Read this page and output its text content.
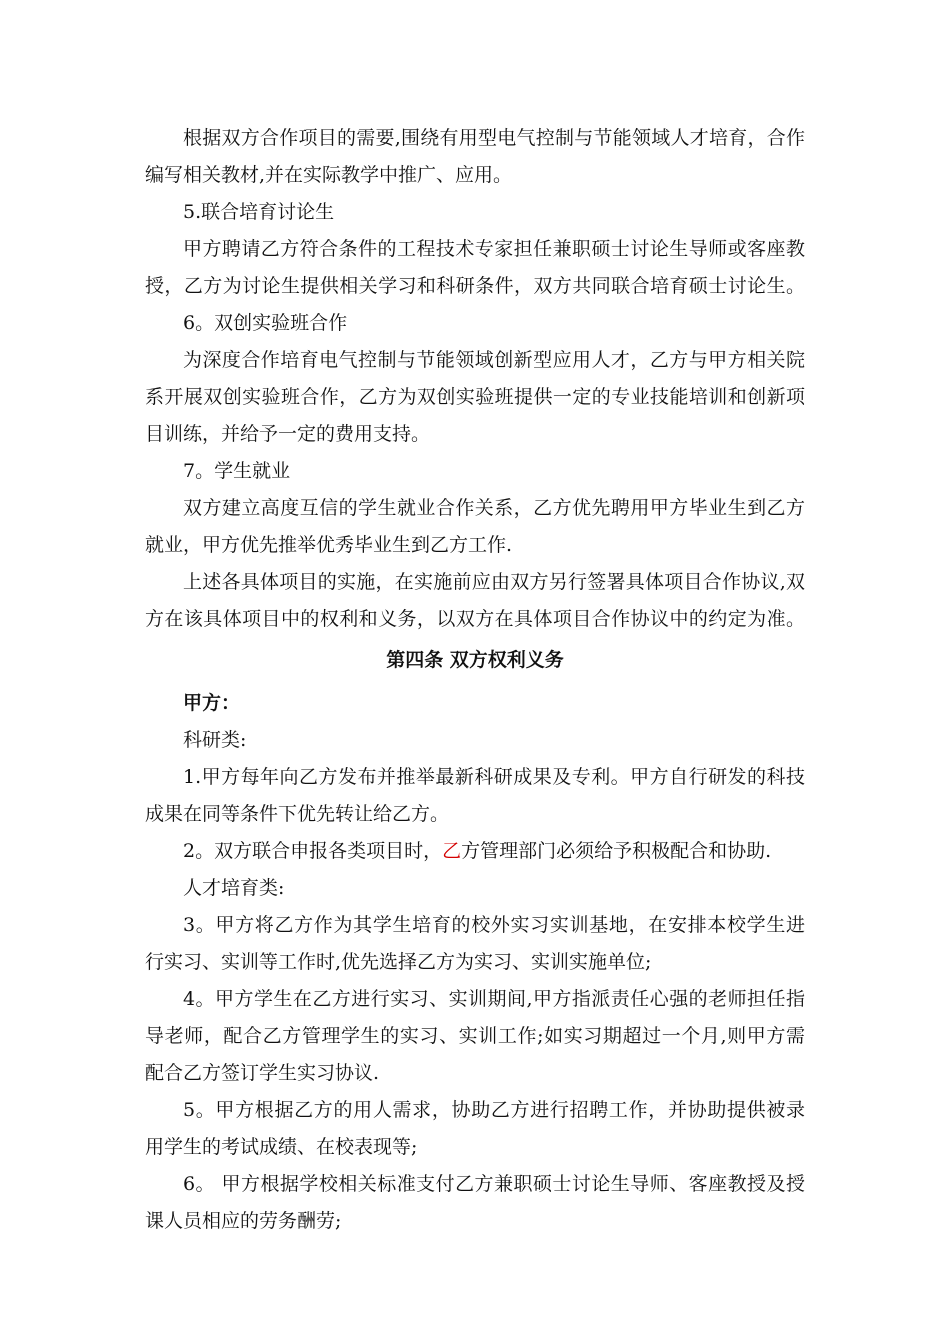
根据双方合作项目的需要,围绕有用型电气控制与节能领域人才培育，合作
编写相关教材,并在实际教学中推广、应用。
5.联合培育讨论生
甲方聘请乙方符合条件的工程技术专家担任兼职硕士讨论生导师或客座教
授，乙方为讨论生提供相关学习和科研条件，双方共同联合培育硕士讨论生。
6。双创实验班合作
为深度合作培育电气控制与节能领域创新型应用人才，乙方与甲方相关院
系开展双创实验班合作，乙方为双创实验班提供一定的专业技能培训和创新项
目训练，并给予一定的费用支持。
7。学生就业
双方建立高度互信的学生就业合作关系，乙方优先聘用甲方毕业生到乙方
就业，甲方优先推举优秀毕业生到乙方工作.
上述各具体项目的实施，在实施前应由双方另行签署具体项目合作协议,双
方在该具体项目中的权利和义务，以双方在具体项目合作协议中的约定为准。
第四条 双方权利义务
甲方：
科研类:
1.甲方每年向乙方发布并推举最新科研成果及专利。甲方自行研发的科技
成果在同等条件下优先转让给乙方。
2。双方联合申报各类项目时，乙方管理部门必须给予积极配合和协助.
人才培育类:
3。甲方将乙方作为其学生培育的校外实习实训基地，在安排本校学生进
行实习、实训等工作时,优先选择乙方为实习、实训实施单位;
4。甲方学生在乙方进行实习、实训期间,甲方指派责任心强的老师担任指
导老师，配合乙方管理学生的实习、实训工作;如实习期超过一个月,则甲方需
配合乙方签订学生实习协议.
5。甲方根据乙方的用人需求，协助乙方进行招聘工作，并协助提供被录
用学生的考试成绩、在校表现等;
6。 甲方根据学校相关标准支付乙方兼职硕士讨论生导师、客座教授及授
课人员相应的劳务酬劳;
